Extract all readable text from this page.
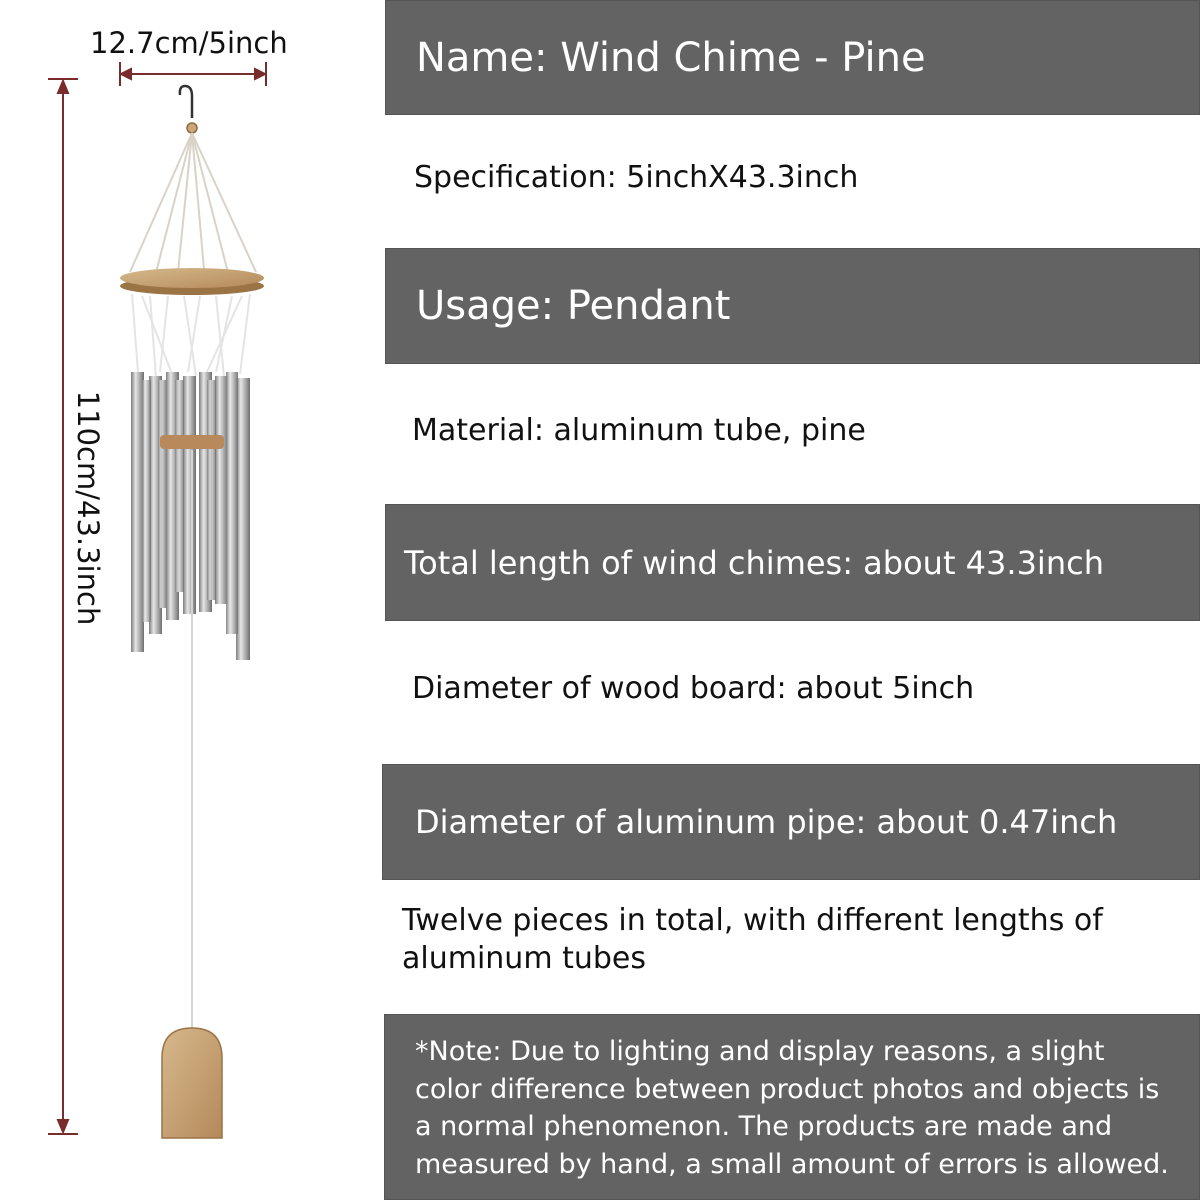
12.7cm/5inch
110cm/43.3inch
Name: Wind Chime - Pine
Specification: 5inchX43.3inch
Usage: Pendant
Material: aluminum tube, pine
Total length of wind chimes: about 43.3inch
Diameter of wood board: about 5inch
Diameter of aluminum pipe: about 0.47inch
Twelve pieces in total, with different lengths of aluminum tubes
*Note: Due to lighting and display reasons, a slight color difference between product photos and objects is a normal phenomenon. The products are made and measured by hand, a small amount of errors is allowed.
